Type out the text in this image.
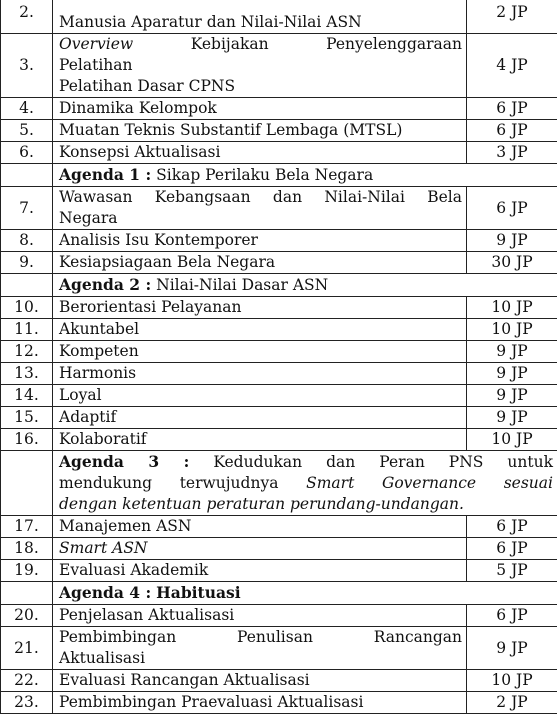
2.	Manusia Aparatur dan Nilai-Nilai ASN	2 JP
3.	Overview Kebijakan Penyelenggaraan
Pelatihan
Pelatihan Dasar CPNS	4 JP
4.	Dinamika Kelompok	6 JP
5.	Muatan Teknis Substantif Lembaga (MTSL)	6 JP
6.	Konsepsi Aktualisasi	3 JP
	Agenda 1 : Sikap Perilaku Bela Negara	
7.	Wawasan Kebangsaan dan Nilai-Nilai Bela
Negara	6 JP
8.	Analisis Isu Kontemporer	9 JP
9.	Kesiapsiagaan Bela Negara	30 JP
	Agenda 2 : Nilai-Nilai Dasar ASN	
10.	Berorientasi Pelayanan	10 JP
11.	Akuntabel	10 JP
12.	Kompeten	9 JP
13.	Harmonis	9 JP
14.	Loyal	9 JP
15.	Adaptif	9 JP
16.	Kolaboratif	10 JP

	Agenda 3 : Kedudukan dan Peran PNS untuk
mendukung terwujudnya Smart Governance sesuai
dengan ketentuan peraturan perundang-undangan.	

17.	Manajemen ASN	6 JP
18.	Smart ASN	6 JP
19.	Evaluasi Akademik	5 JP
	Agenda 4 : Habituasi	
20.	Penjelasan Aktualisasi	6 JP
21.	Pembimbingan Penulisan Rancangan
Aktualisasi	9 JP
22.	Evaluasi Rancangan Aktualisasi	10 JP
23.	Pembimbingan Praevaluasi Aktualisasi	2 JP
